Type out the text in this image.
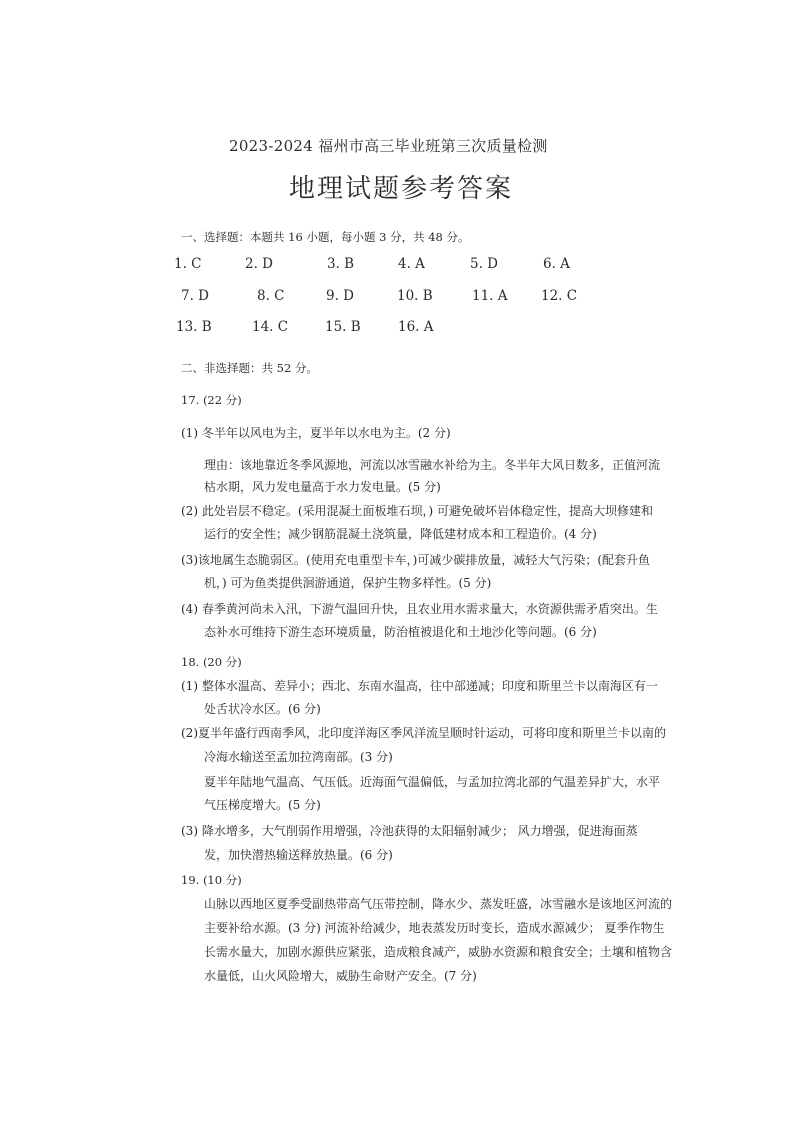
2023-2024 福州市高三毕业班第三次质量检测
地理试题参考答案
一、选择题：本题共 16 小题，每小题 3 分，共 48 分。
1. C	2. D	3. B	4. A	5. D	6. A
7. D	8. C	9. D	10. B	11. A 12. C
13. B	14. C	15. B	16. A
二、非选择题：共 52 分。
17. (22 分)
(1) 冬半年以风电为主，夏半年以水电为主。(2 分)
理由：该地靠近冬季风源地，河流以冰雪融水补给为主。冬半年大风日数多，正值河流
枯水期，风力发电量高于水力发电量。(5 分)
(2) 此处岩层不稳定。(采用混凝土面板堆石坝，) 可避免破坏岩体稳定性，提高大坝修建和
运行的安全性；减少钢筋混凝土浇筑量，降低建材成本和工程造价。(4 分)
(3)该地属生态脆弱区。(使用充电重型卡车，)可减少碳排放量，减轻大气污染；(配套升鱼
机，) 可为鱼类提供洄游通道，保护生物多样性。(5 分)
(4) 春季黄河尚未入汛，下游气温回升快，且农业用水需求量大，水资源供需矛盾突出。生
态补水可维持下游生态环境质量，防治植被退化和土地沙化等问题。(6 分)
18. (20 分)
(1) 整体水温高、差异小；西北、东南水温高，往中部递减；印度和斯里兰卡以南海区有一
处舌状冷水区。(6 分)
(2)夏半年盛行西南季风，北印度洋海区季风洋流呈顺时针运动，可将印度和斯里兰卡以南的
冷海水输送至孟加拉湾南部。(3 分)
夏半年陆地气温高、气压低。近海面气温偏低，与孟加拉湾北部的气温差异扩大，水平
气压梯度增大。(5 分)
(3) 降水增多，大气削弱作用增强，冷池获得的太阳辐射减少； 风力增强，促进海面蒸
发，加快潜热输送释放热量。(6 分)
19. (10 分)
山脉以西地区夏季受副热带高气压带控制，降水少、蒸发旺盛，冰雪融水是该地区河流的
主要补给水源。(3 分) 河流补给减少，地表蒸发历时变长，造成水源减少； 夏季作物生
长需水量大，加剧水源供应紧张，造成粮食减产，威胁水资源和粮食安全；土壤和植物含
水量低，山火风险增大，威胁生命财产安全。(7 分)
